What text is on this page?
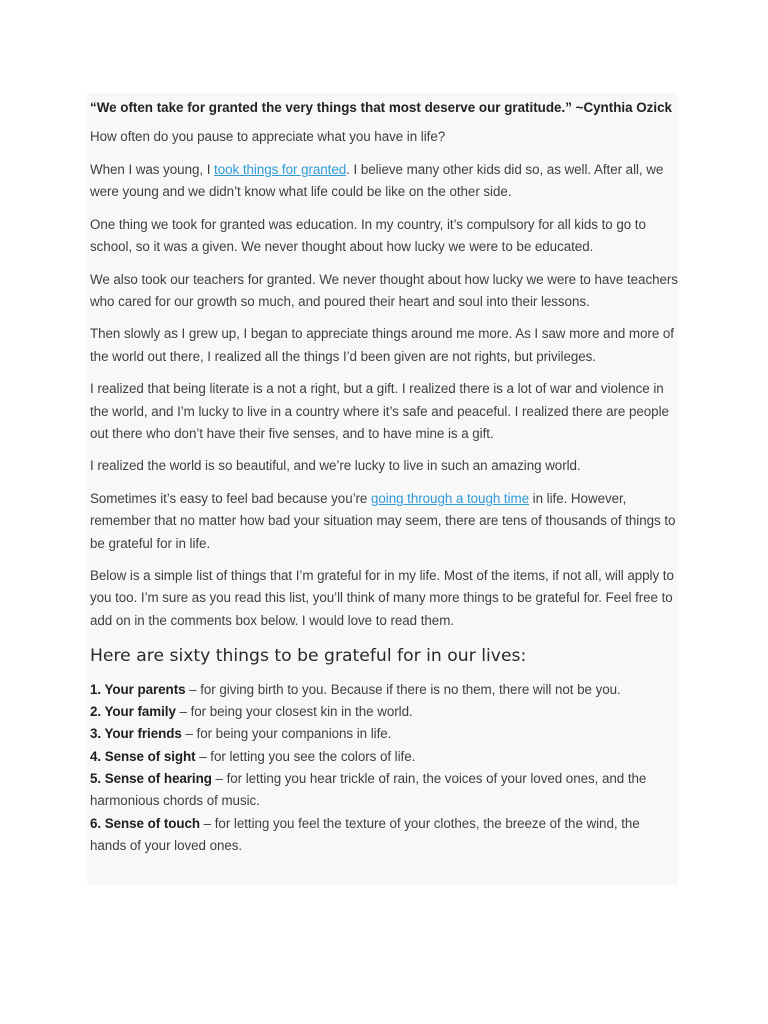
“We often take for granted the very things that most deserve our gratitude.” ~Cynthia Ozick

How often do you pause to appreciate what you have in life?

When I was young, I took things for granted. I believe many other kids did so, as well. After all, we were young and we didn’t know what life could be like on the other side.

One thing we took for granted was education. In my country, it’s compulsory for all kids to go to school, so it was a given. We never thought about how lucky we were to be educated.

We also took our teachers for granted. We never thought about how lucky we were to have teachers who cared for our growth so much, and poured their heart and soul into their lessons.

Then slowly as I grew up, I began to appreciate things around me more. As I saw more and more of the world out there, I realized all the things I’d been given are not rights, but privileges.

I realized that being literate is a not a right, but a gift. I realized there is a lot of war and violence in the world, and I’m lucky to live in a country where it’s safe and peaceful. I realized there are people out there who don’t have their five senses, and to have mine is a gift.

I realized the world is so beautiful, and we’re lucky to live in such an amazing world.

Sometimes it’s easy to feel bad because you’re going through a tough time in life. However, remember that no matter how bad your situation may seem, there are tens of thousands of things to be grateful for in life.

Below is a simple list of things that I’m grateful for in my life. Most of the items, if not all, will apply to you too. I’m sure as you read this list, you’ll think of many more things to be grateful for. Feel free to add on in the comments box below. I would love to read them.

Here are sixty things to be grateful for in our lives:
1. Your parents – for giving birth to you. Because if there is no them, there will not be you.
2. Your family – for being your closest kin in the world.
3. Your friends – for being your companions in life.
4. Sense of sight – for letting you see the colors of life.
5. Sense of hearing – for letting you hear trickle of rain, the voices of your loved ones, and the harmonious chords of music.
6. Sense of touch – for letting you feel the texture of your clothes, the breeze of the wind, the hands of your loved ones.
